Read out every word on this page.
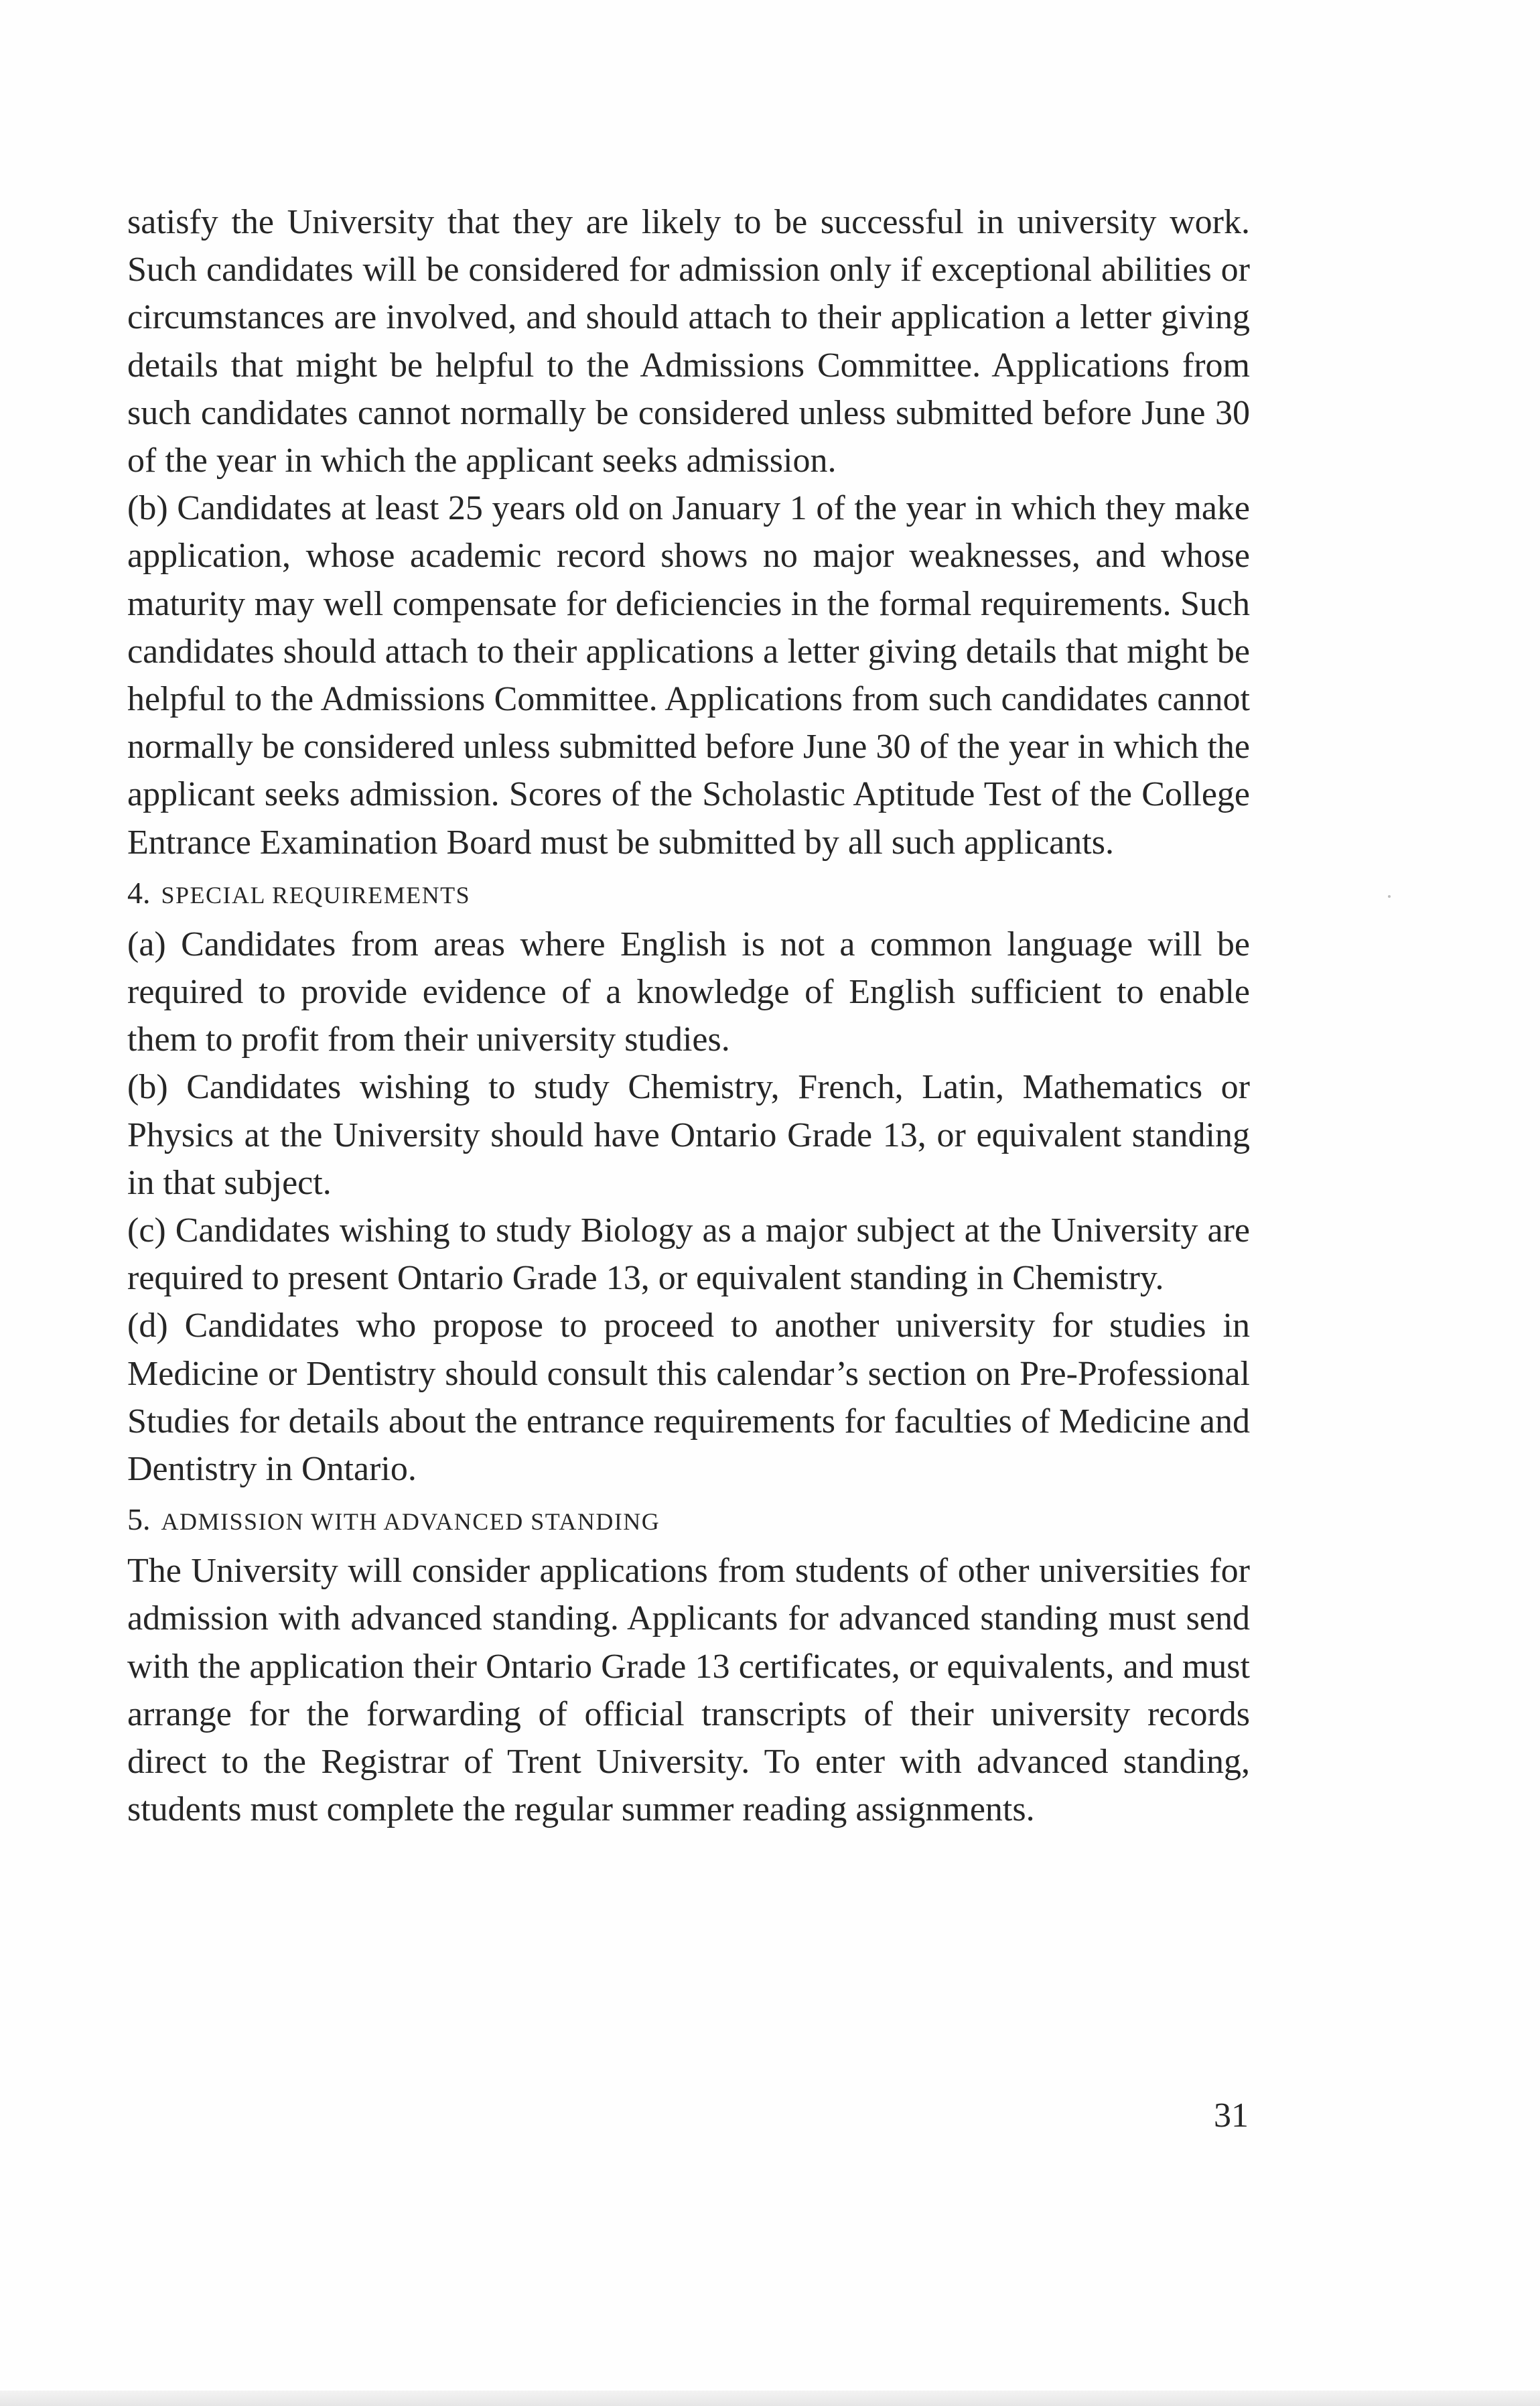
satisfy the University that they are likely to be successful in university work. Such candidates will be considered for admission only if exceptional abilities or circumstances are involved, and should attach to their application a letter giving details that might be helpful to the Admissions Committee. Applications from such candidates cannot normally be considered unless submitted before June 30 of the year in which the applicant seeks admission.

(b) Candidates at least 25 years old on January 1 of the year in which they make application, whose academic record shows no major weaknesses, and whose maturity may well compensate for deficiencies in the formal requirements. Such candidates should attach to their applications a letter giving details that might be helpful to the Admissions Committee. Applications from such candidates cannot normally be considered unless submitted before June 30 of the year in which the applicant seeks admission. Scores of the Scholastic Aptitude Test of the College Entrance Examination Board must be submitted by all such applicants.

4. SPECIAL REQUIREMENTS

(a) Candidates from areas where English is not a common language will be required to provide evidence of a knowledge of English sufficient to enable them to profit from their university studies.

(b) Candidates wishing to study Chemistry, French, Latin, Mathematics or Physics at the University should have Ontario Grade 13, or equivalent standing in that subject.

(c) Candidates wishing to study Biology as a major subject at the University are required to present Ontario Grade 13, or equivalent standing in Chemistry.

(d) Candidates who propose to proceed to another university for studies in Medicine or Dentistry should consult this calendar’s section on Pre-Professional Studies for details about the entrance requirements for faculties of Medicine and Dentistry in Ontario.

5. ADMISSION WITH ADVANCED STANDING

The University will consider applications from students of other universities for admission with advanced standing. Applicants for advanced standing must send with the application their Ontario Grade 13 certificates, or equivalents, and must arrange for the forwarding of official transcripts of their university records direct to the Registrar of Trent University. To enter with advanced standing, students must complete the regular summer reading assignments.

31
